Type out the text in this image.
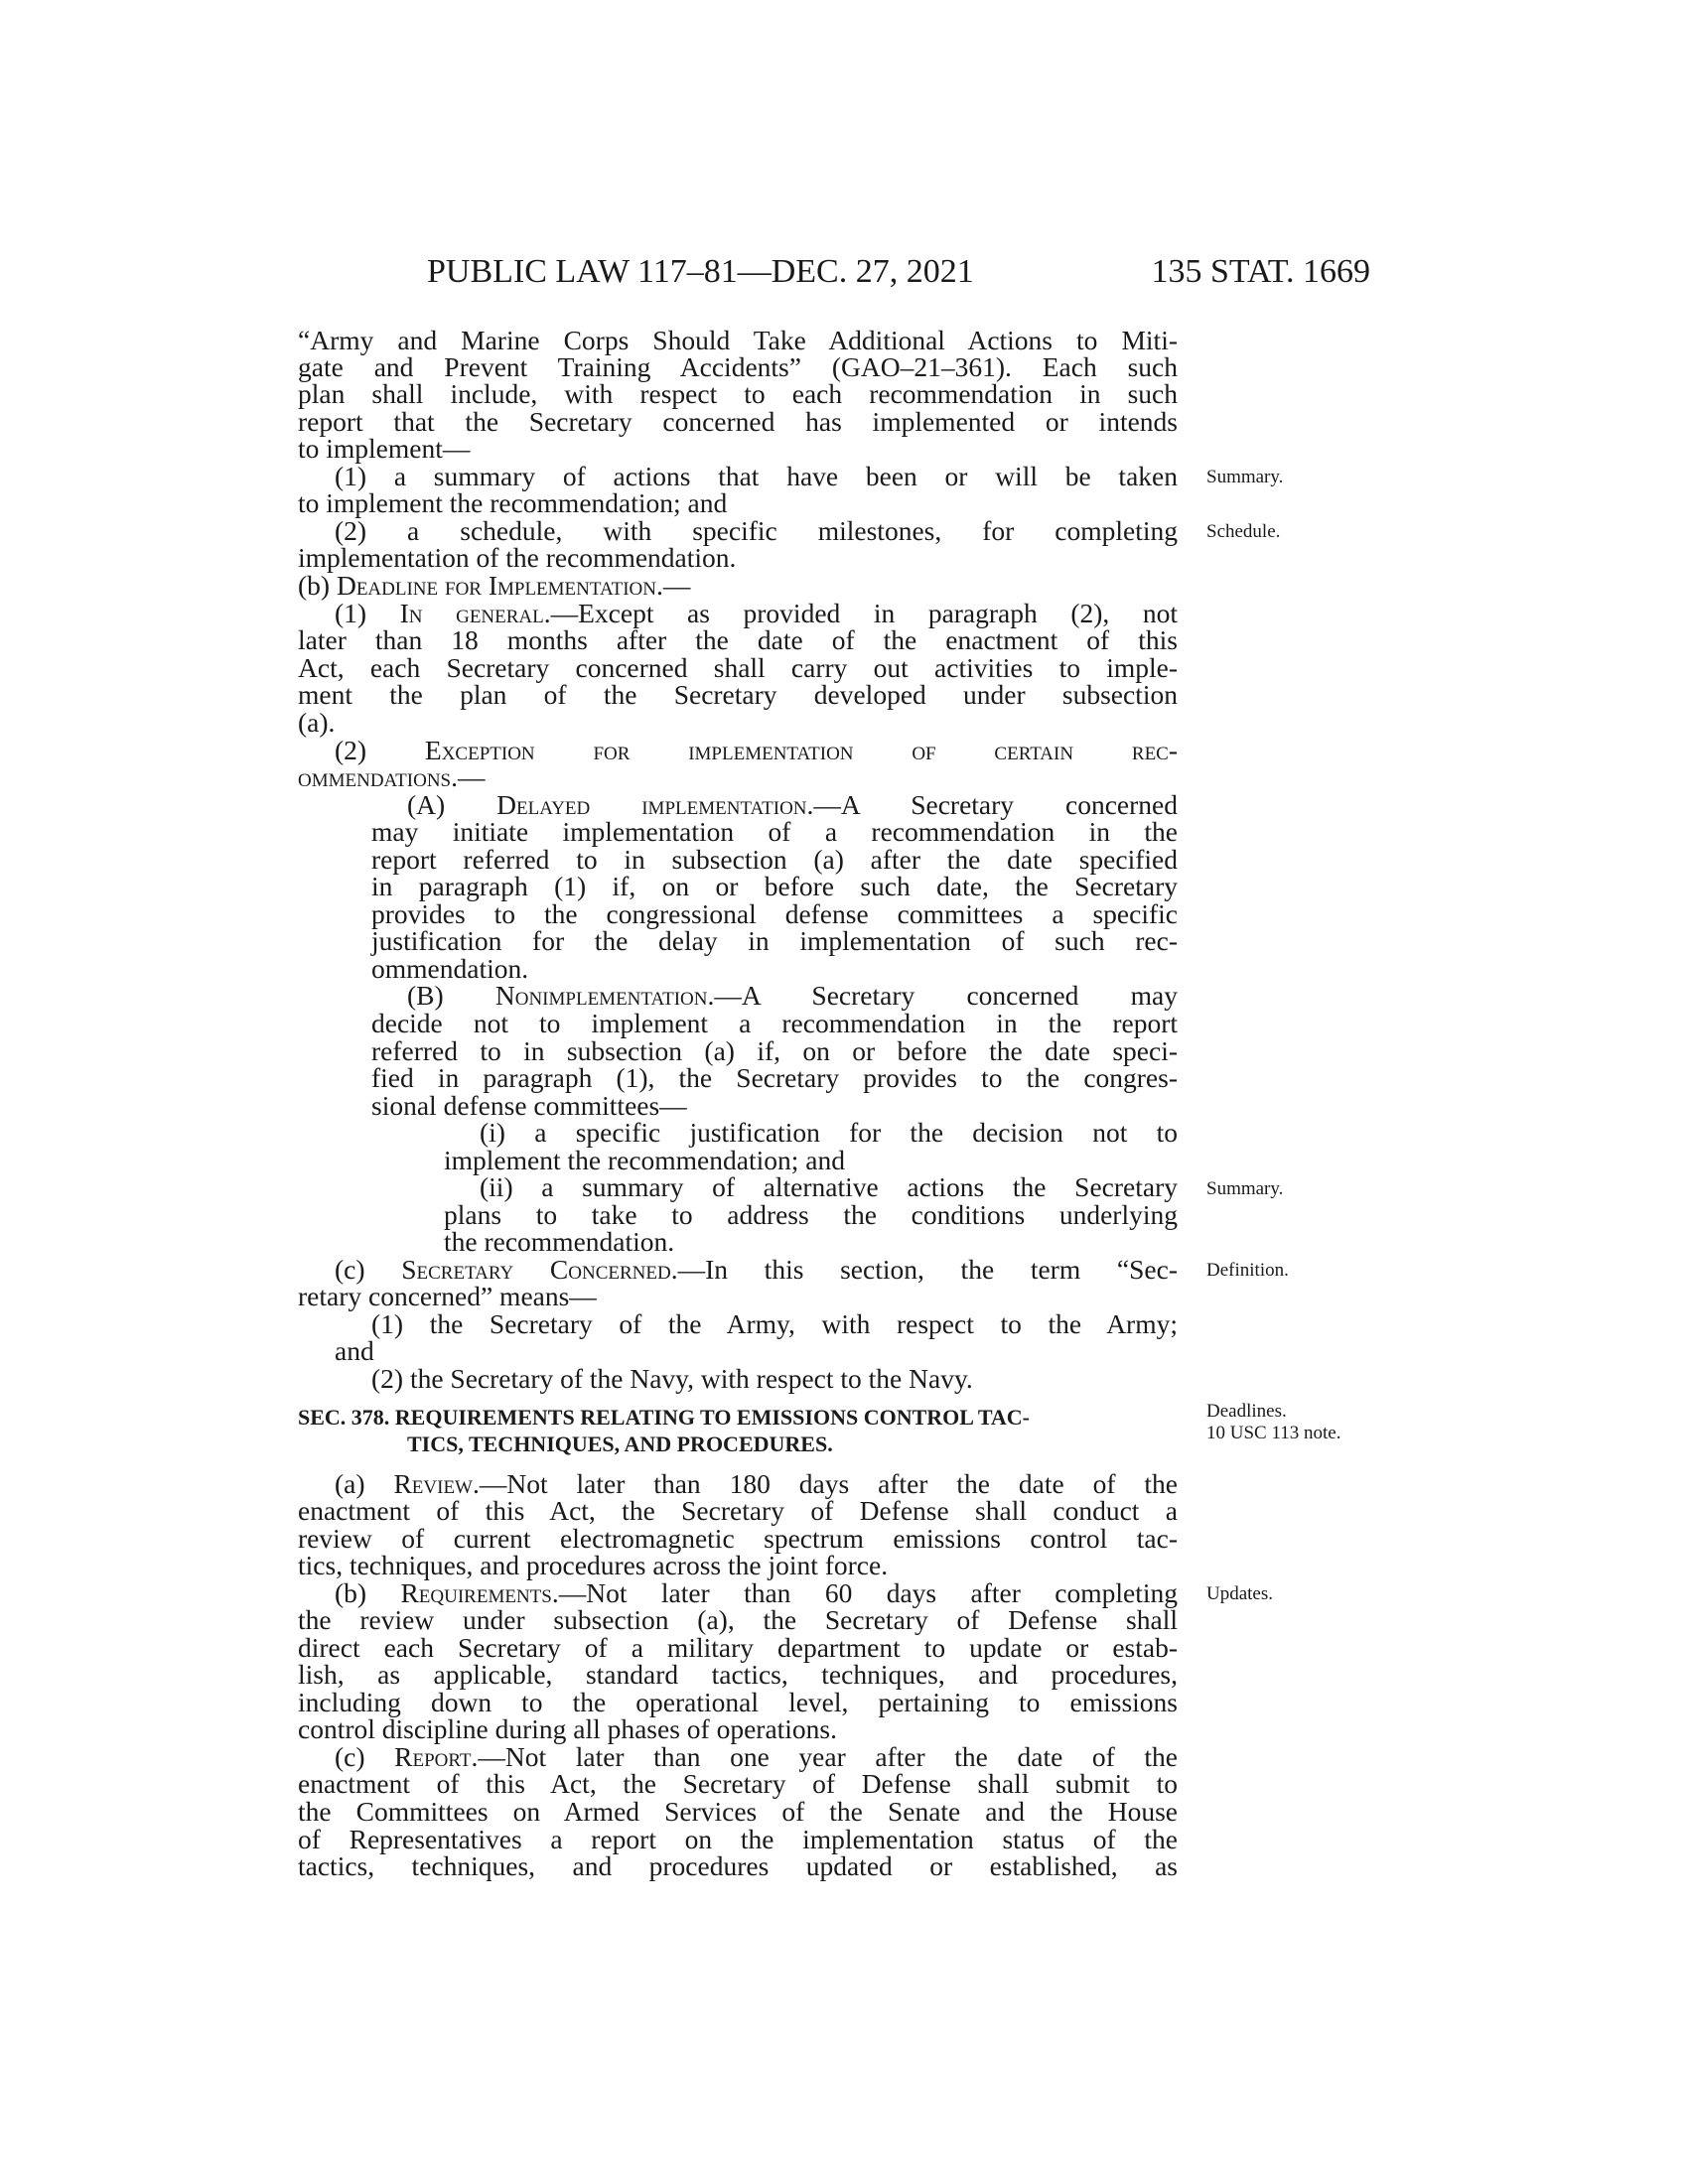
PUBLIC LAW 117–81—DEC. 27, 2021	135 STAT. 1669
“Army and Marine Corps Should Take Additional Actions to Miti-
gate and Prevent Training Accidents” (GAO–21–361). Each such
plan shall include, with respect to each recommendation in such
report that the Secretary concerned has implemented or intends
to implement—
(1) a summary of actions that have been or will be taken
to implement the recommendation; and
(2) a schedule, with specific milestones, for completing
implementation of the recommendation.
(b) Deadline for Implementation.—
(1) In general.—Except as provided in paragraph (2), not
later than 18 months after the date of the enactment of this
Act, each Secretary concerned shall carry out activities to imple-
ment the plan of the Secretary developed under subsection
(a).
(2) Exception for implementation of certain rec-
ommendations.—
(A) Delayed implementation.—A Secretary concerned
may initiate implementation of a recommendation in the
report referred to in subsection (a) after the date specified
in paragraph (1) if, on or before such date, the Secretary
provides to the congressional defense committees a specific
justification for the delay in implementation of such rec-
ommendation.
(B) Nonimplementation.—A Secretary concerned may
decide not to implement a recommendation in the report
referred to in subsection (a) if, on or before the date speci-
fied in paragraph (1), the Secretary provides to the congres-
sional defense committees—
(i) a specific justification for the decision not to
implement the recommendation; and
(ii) a summary of alternative actions the Secretary
plans to take to address the conditions underlying
the recommendation.
(c) Secretary Concerned.—In this section, the term “Sec-
retary concerned” means—
(1) the Secretary of the Army, with respect to the Army;
and
(2) the Secretary of the Navy, with respect to the Navy.
SEC. 378. REQUIREMENTS RELATING TO EMISSIONS CONTROL TAC-
TICS, TECHNIQUES, AND PROCEDURES.
(a) Review.—Not later than 180 days after the date of the
enactment of this Act, the Secretary of Defense shall conduct a
review of current electromagnetic spectrum emissions control tac-
tics, techniques, and procedures across the joint force.
(b) Requirements.—Not later than 60 days after completing
the review under subsection (a), the Secretary of Defense shall
direct each Secretary of a military department to update or estab-
lish, as applicable, standard tactics, techniques, and procedures,
including down to the operational level, pertaining to emissions
control discipline during all phases of operations.
(c) Report.—Not later than one year after the date of the
enactment of this Act, the Secretary of Defense shall submit to
the Committees on Armed Services of the Senate and the House
of Representatives a report on the implementation status of the
tactics, techniques, and procedures updated or established, as
Summary.
Schedule.
Summary.
Definition.
Deadlines.
10 USC 113 note.
Updates.
